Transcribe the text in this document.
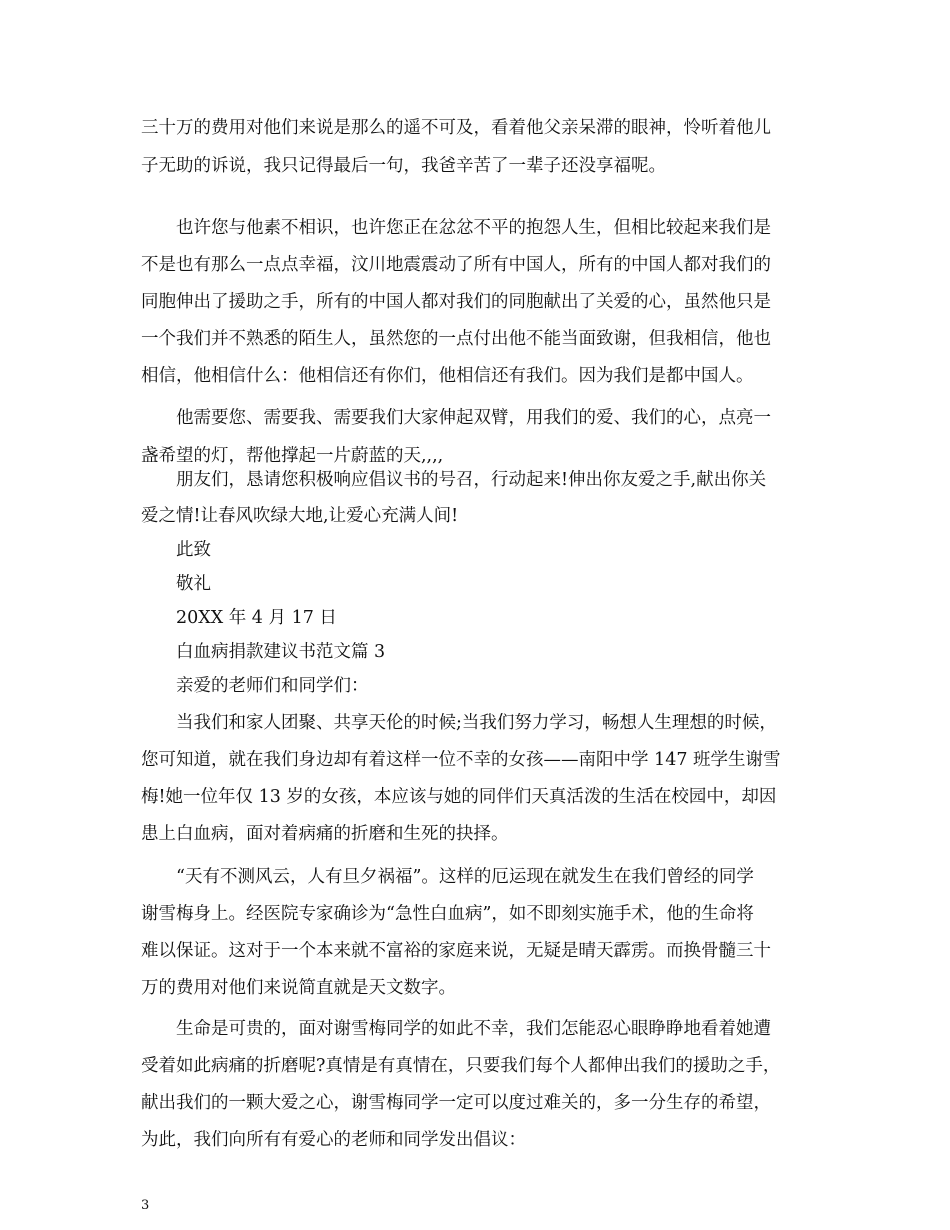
三十万的费用对他们来说是那么的遥不可及，看着他父亲呆滞的眼神，怜听着他儿
子无助的诉说，我只记得最后一句，我爸辛苦了一辈子还没享福呢。
也许您与他素不相识，也许您正在忿忿不平的抱怨人生，但相比较起来我们是
不是也有那么一点点幸福，汶川地震震动了所有中国人，所有的中国人都对我们的
同胞伸出了援助之手，所有的中国人都对我们的同胞献出了关爱的心，虽然他只是
一个我们并不熟悉的陌生人，虽然您的一点付出他不能当面致谢，但我相信，他也
相信，他相信什么：他相信还有你们，他相信还有我们。因为我们是都中国人。
他需要您、需要我、需要我们大家伸起双臂，用我们的爱、我们的心，点亮一
盏希望的灯，帮他撑起一片蔚蓝的天,,,,
朋友们，恳请您积极响应倡议书的号召，行动起来!伸出你友爱之手,献出你关
爱之情!让春风吹绿大地,让爱心充满人间!
此致
敬礼
20XX 年 4 月 17 日
白血病捐款建议书范文篇 3
亲爱的老师们和同学们：
当我们和家人团聚、共享天伦的时候;当我们努力学习，畅想人生理想的时候，
您可知道，就在我们身边却有着这样一位不幸的女孩——南阳中学 147 班学生谢雪
梅!她一位年仅 13 岁的女孩，本应该与她的同伴们天真活泼的生活在校园中，却因
患上白血病，面对着病痛的折磨和生死的抉择。
“天有不测风云，人有旦夕祸福”。这样的厄运现在就发生在我们曾经的同学
谢雪梅身上。经医院专家确诊为“急性白血病”，如不即刻实施手术，他的生命将
难以保证。这对于一个本来就不富裕的家庭来说，无疑是晴天霹雳。而换骨髓三十
万的费用对他们来说简直就是天文数字。
生命是可贵的，面对谢雪梅同学的如此不幸，我们怎能忍心眼睁睁地看着她遭
受着如此病痛的折磨呢?真情是有真情在，只要我们每个人都伸出我们的援助之手，
献出我们的一颗大爱之心，谢雪梅同学一定可以度过难关的，多一分生存的希望，
为此，我们向所有有爱心的老师和同学发出倡议：
3
